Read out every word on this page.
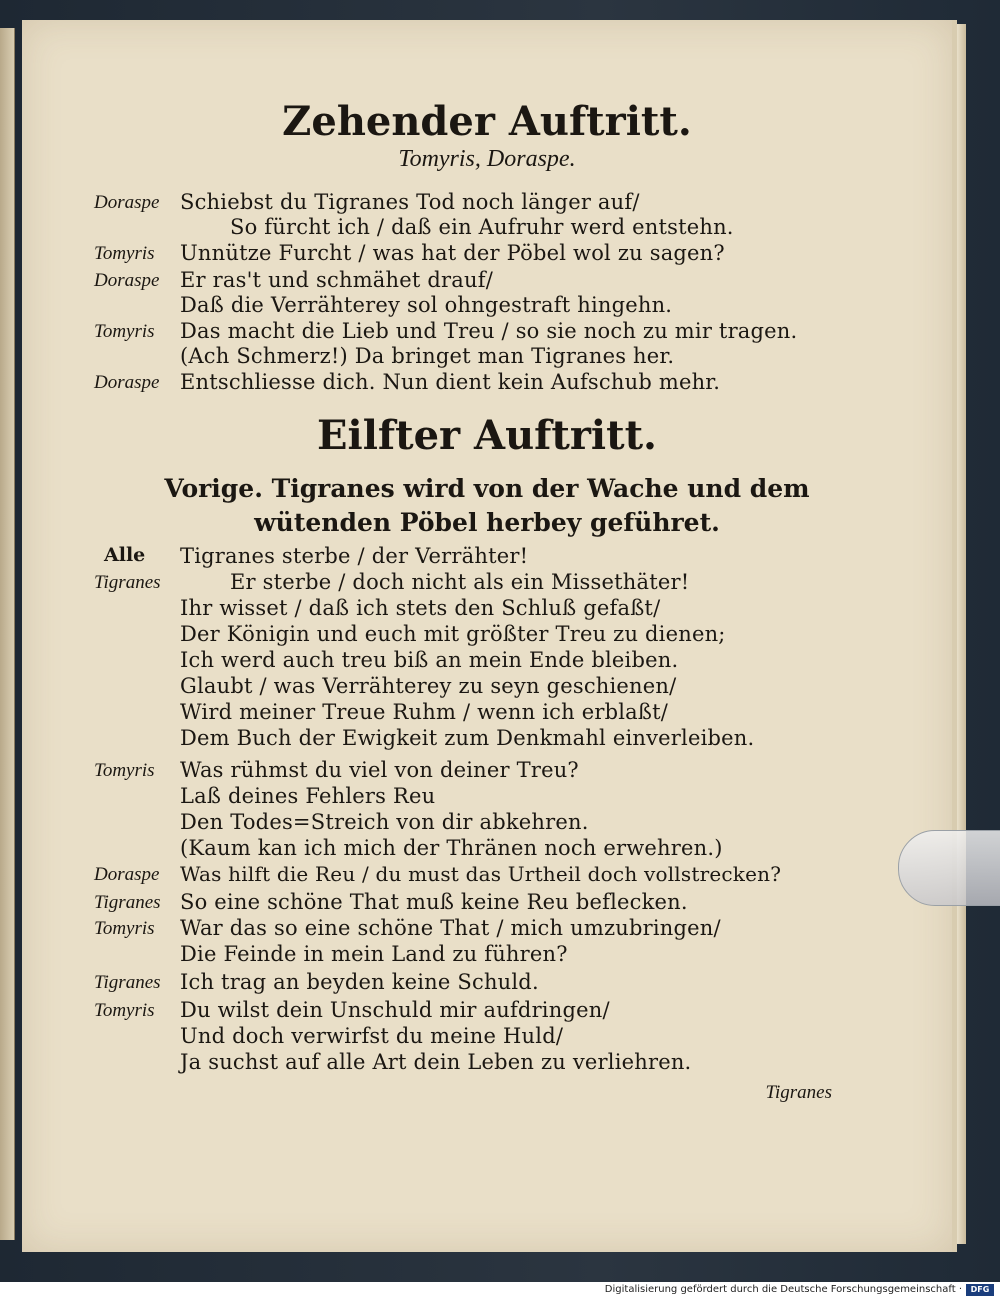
Zehender Auftritt.
Tomyris, Doraspe.
Doraspe Schiebst du Tigranes Tod noch länger auf/
So fürcht ich / daß ein Aufruhr werd entstehn.
Tomyris Unnütze Furcht / was hat der Pöbel wol zu sagen?
Doraspe Er ras't und schmähet drauf/
Daß die Verrähterey sol ohngestraft hingehn.
Tomyris Das macht die Lieb und Treu / so sie noch zu mir tragen.
(Ach Schmerz!) Da bringet man Tigranes her.
Doraspe Entschliesse dich. Nun dient kein Aufschub mehr.
Eilfter Auftritt.
Vorige. Tigranes wird von der Wache und dem
wütenden Pöbel herbey geführet.
Alle Tigranes sterbe / der Verrähter!
Tigranes	Er sterbe / doch nicht als ein Missethäter!
Ihr wisset / daß ich stets den Schluß gefaßt/
Der Königin und euch mit größter Treu zu dienen;
Ich werd auch treu biß an mein Ende bleiben.
Glaubt / was Verrähterey zu seyn geschienen/
Wird meiner Treue Ruhm / wenn ich erblaßt/
Dem Buch der Ewigkeit zum Denkmahl einverleiben.
Tomyris Was rühmst du viel von deiner Treu?
Laß deines Fehlers Reu
Den Todes=Streich von dir abkehren.
(Kaum kan ich mich der Thränen noch erwehren.)
Doraspe Was hilft die Reu / du must das Urtheil doch vollstrecken?
Tigranes So eine schöne That muß keine Reu beflecken.
Tomyris War das so eine schöne That / mich umzubringen/
Die Feinde in mein Land zu führen?
Tigranes Ich trag an beyden keine Schuld.
Tomyris Du wilst dein Unschuld mir aufdringen/
Und doch verwirfst du meine Huld/
Ja suchst auf alle Art dein Leben zu verliehren.
Tigranes
Digitalisierung gefördert durch die Deutsche Forschungsgemeinschaft ·	DFG
